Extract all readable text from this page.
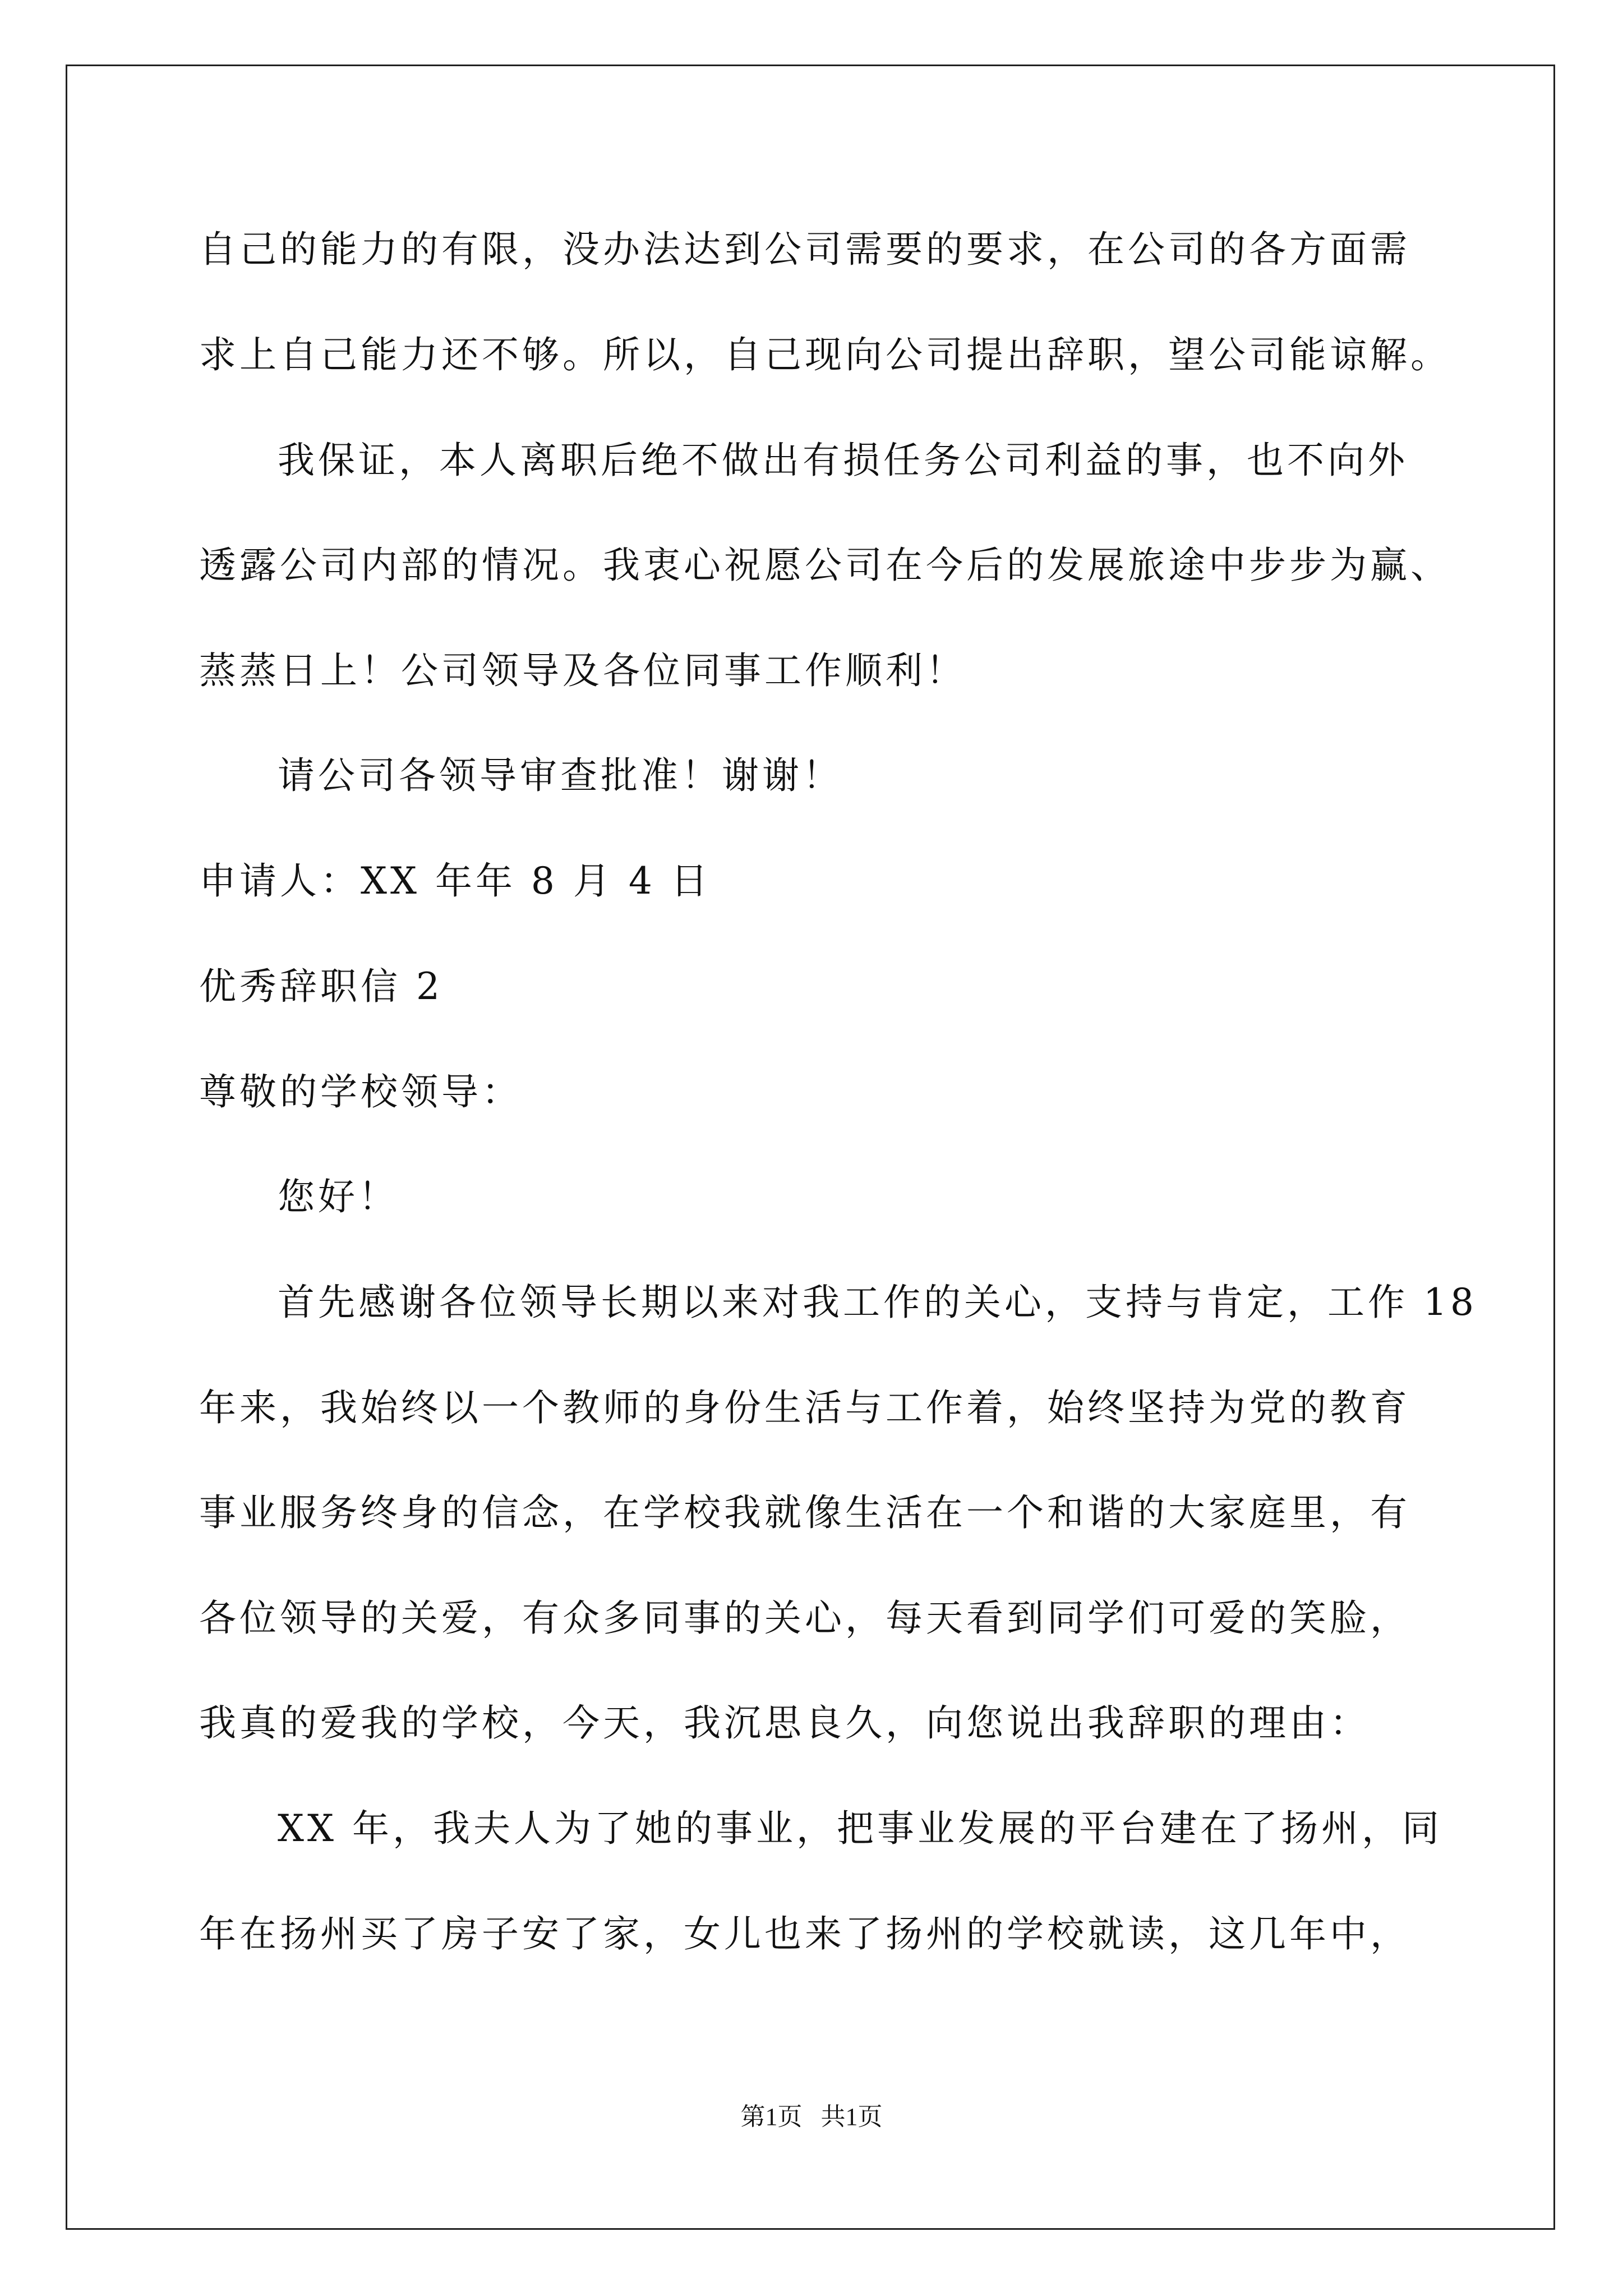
自己的能力的有限，没办法达到公司需要的要求，在公司的各方面需
求上自己能力还不够。所以，自己现向公司提出辞职，望公司能谅解。
我保证，本人离职后绝不做出有损任务公司利益的事，也不向外
透露公司内部的情况。我衷心祝愿公司在今后的发展旅途中步步为赢、
蒸蒸日上！公司领导及各位同事工作顺利！
请公司各领导审查批准！谢谢！
申请人：XX 年年 8 月 4 日
优秀辞职信 2
尊敬的学校领导：
您好！
首先感谢各位领导长期以来对我工作的关心，支持与肯定，工作 18
年来，我始终以一个教师的身份生活与工作着，始终坚持为党的教育
事业服务终身的信念，在学校我就像生活在一个和谐的大家庭里，有
各位领导的关爱，有众多同事的关心，每天看到同学们可爱的笑脸，
我真的爱我的学校，今天，我沉思良久，向您说出我辞职的理由：
XX 年，我夫人为了她的事业，把事业发展的平台建在了扬州，同
年在扬州买了房子安了家，女儿也来了扬州的学校就读，这几年中，
第1页   共1页
